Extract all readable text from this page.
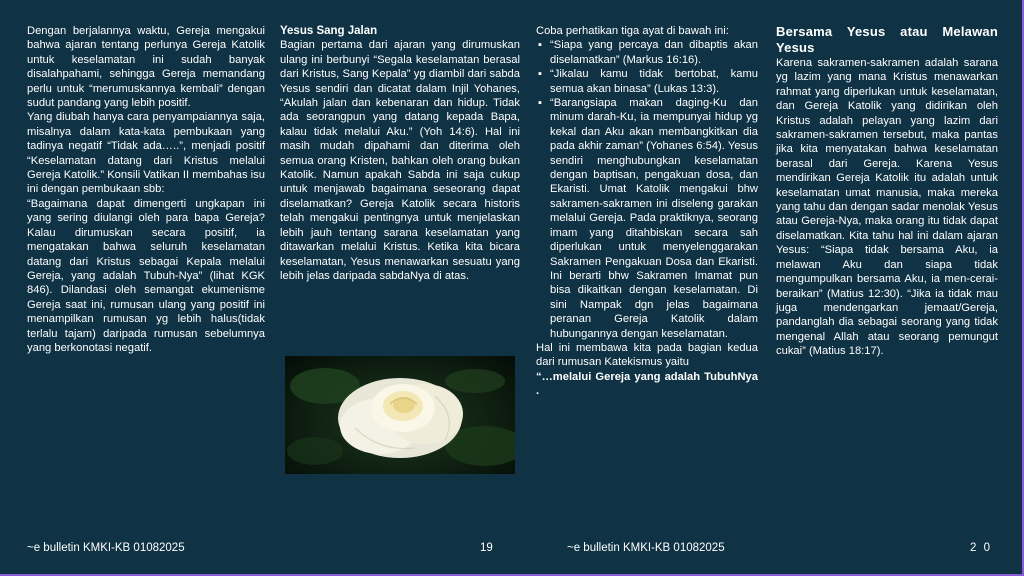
Dengan berjalannya waktu, Gereja mengakui bahwa ajaran tentang perlunya Gereja Katolik untuk keselamatan ini sudah banyak disalahpahami, sehingga Gereja memandang perlu untuk “merumuskannya kembali” dengan sudut pandang yang lebih positif.

Yang diubah hanya cara penyampaiannya saja, misalnya dalam kata-kata pembukaan yang tadinya negatif “Tidak ada…..”, menjadi positif “Keselamatan datang dari Kristus melalui Gereja Katolik.” Konsili Vatikan II membahas isu ini dengan pembukaan sbb:

“Bagaimana dapat dimengerti ungkapan ini yang sering diulangi oleh para bapa Gereja? Kalau dirumuskan secara positif, ia mengatakan bahwa seluruh keselamatan datang dari Kristus sebagai Kepala melalui Gereja, yang adalah Tubuh-Nya” (lihat KGK 846). Dilandasi oleh semangat ekumenisme Gereja saat ini, rumusan ulang yang positif ini menampilkan rumusan yg lebih halus(tidak terlalu tajam) daripada rumusan sebelumnya yang berkonotasi negatif.

Yesus Sang Jalan

Bagian pertama dari ajaran yang dirumuskan ulang ini berbunyi “Segala keselamatan berasal dari Kristus, Sang Kepala” yg diambil dari sabda Yesus sendiri dan dicatat dalam Injil Yohanes, “Akulah jalan dan kebenaran dan hidup. Tidak ada seorangpun yang datang kepada Bapa, kalau tidak melalui Aku.” (Yoh 14:6). Hal ini masih mudah dipahami dan diterima oleh semua orang Kristen, bahkan oleh orang bukan Katolik. Namun apakah Sabda ini saja cukup untuk menjawab bagaimana seseorang dapat diselamatkan? Gereja Katolik secara historis telah mengakui pentingnya untuk menjelaskan lebih jauh tentang sarana keselamatan yang ditawarkan melalui Kristus. Ketika kita bicara keselamatan, Yesus menawarkan sesuatu yang lebih jelas daripada sabdaNya di atas.

Coba perhatikan tiga ayat di bawah ini:

▪ “Siapa yang percaya dan dibaptis akan diselamatkan” (Markus 16:16).
▪ “Jikalau kamu tidak bertobat, kamu semua akan binasa” (Lukas 13:3).
▪ “Barangsiapa makan daging-Ku dan minum darah-Ku, ia mempunyai hidup yg kekal dan Aku akan membangkitkan dia pada akhir zaman” (Yohanes 6:54). Yesus sendiri menghubungkan keselamatan dengan baptisan, pengakuan dosa, dan Ekaristi. Umat Katolik mengakui bhw sakramen-sakramen ini diseleng garakan melalui Gereja. Pada praktiknya, seorang imam yang ditahbiskan secara sah diperlukan untuk menyelenggarakan Sakramen Pengakuan Dosa dan Ekaristi. Ini berarti bhw Sakramen Imamat pun bisa dikaitkan dengan keselamatan. Di sini Nampak dgn jelas bagaimana peranan Gereja Katolik dalam hubungannya dengan keselamatan.

Hal ini membawa kita pada bagian kedua dari rumusan Katekismus yaitu

“…melalui Gereja yang adalah TubuhNya .

Bersama Yesus atau Melawan Yesus

Karena sakramen-sakramen adalah sarana yg lazim yang mana Kristus menawarkan rahmat yang diperlukan untuk keselamatan, dan Gereja Katolik yang didirikan oleh Kristus adalah pelayan yang lazim dari sakramen-sakramen tersebut, maka pantas jika kita menyatakan bahwa keselamatan berasal dari Gereja. Karena Yesus mendirikan Gereja Katolik itu adalah untuk keselamatan umat manusia, maka mereka yang tahu dan dengan sadar menolak Yesus atau Gereja-Nya, maka orang itu tidak dapat diselamatkan. Kita tahu hal ini dalam ajaran Yesus: “Siapa tidak bersama Aku, ia melawan Aku dan siapa tidak mengumpulkan bersama Aku, ia men-cerai-beraikan” (Matius 12:30). “Jika ia tidak mau juga mendengarkan jemaat/Gereja, pandanglah dia sebagai seorang yang tidak mengenal Allah atau seorang pemungut cukai” (Matius 18:17).

~e bulletin KMKI-KB 01082025	19	~e bulletin KMKI-KB 01082025	2 0
